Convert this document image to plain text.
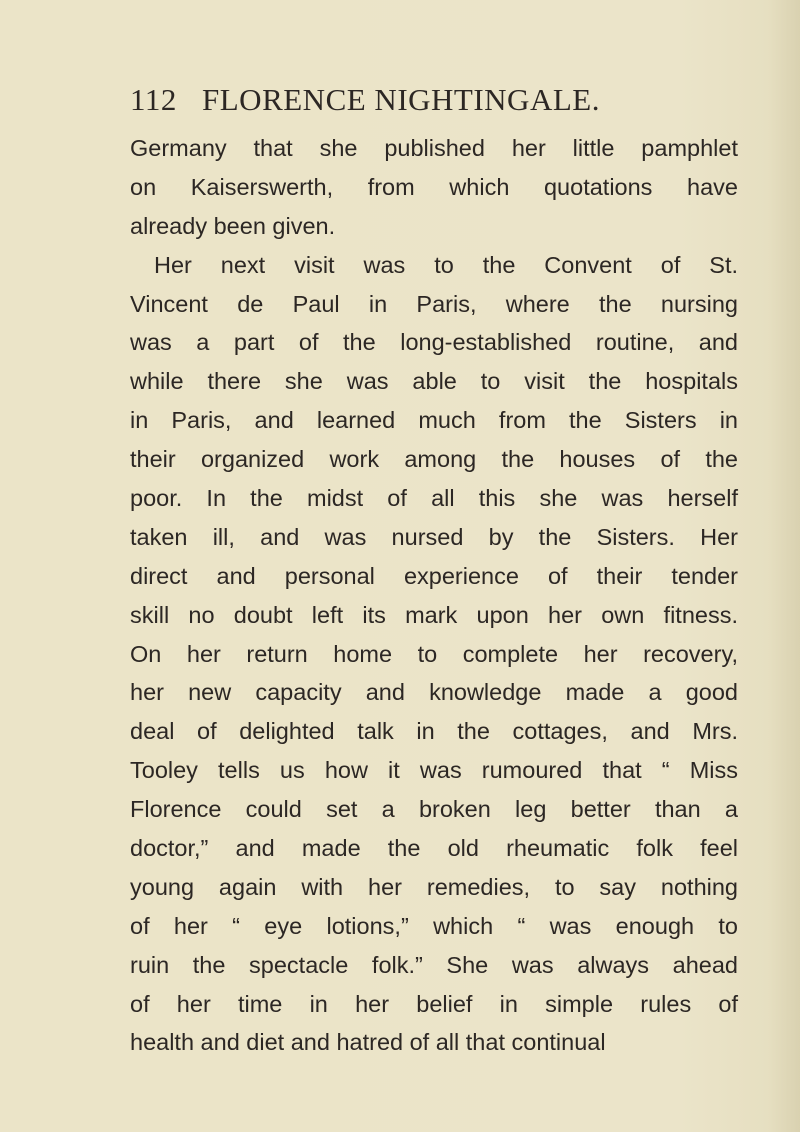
112 FLORENCE NIGHTINGALE.
Germany that she published her little pamphlet
on Kaiserswerth, from which quotations have
already been given.
Her next visit was to the Convent of St.
Vincent de Paul in Paris, where the nursing
was a part of the long-established routine, and
while there she was able to visit the hospitals
in Paris, and learned much from the Sisters in
their organized work among the houses of the
poor. In the midst of all this she was herself
taken ill, and was nursed by the Sisters. Her
direct and personal experience of their tender
skill no doubt left its mark upon her own fitness.
On her return home to complete her recovery,
her new capacity and knowledge made a good
deal of delighted talk in the cottages, and Mrs.
Tooley tells us how it was rumoured that “ Miss
Florence could set a broken leg better than a
doctor,” and made the old rheumatic folk feel
young again with her remedies, to say nothing
of her “ eye lotions,” which “ was enough to
ruin the spectacle folk.” She was always ahead
of her time in her belief in simple rules of
health and diet and hatred of all that continual
